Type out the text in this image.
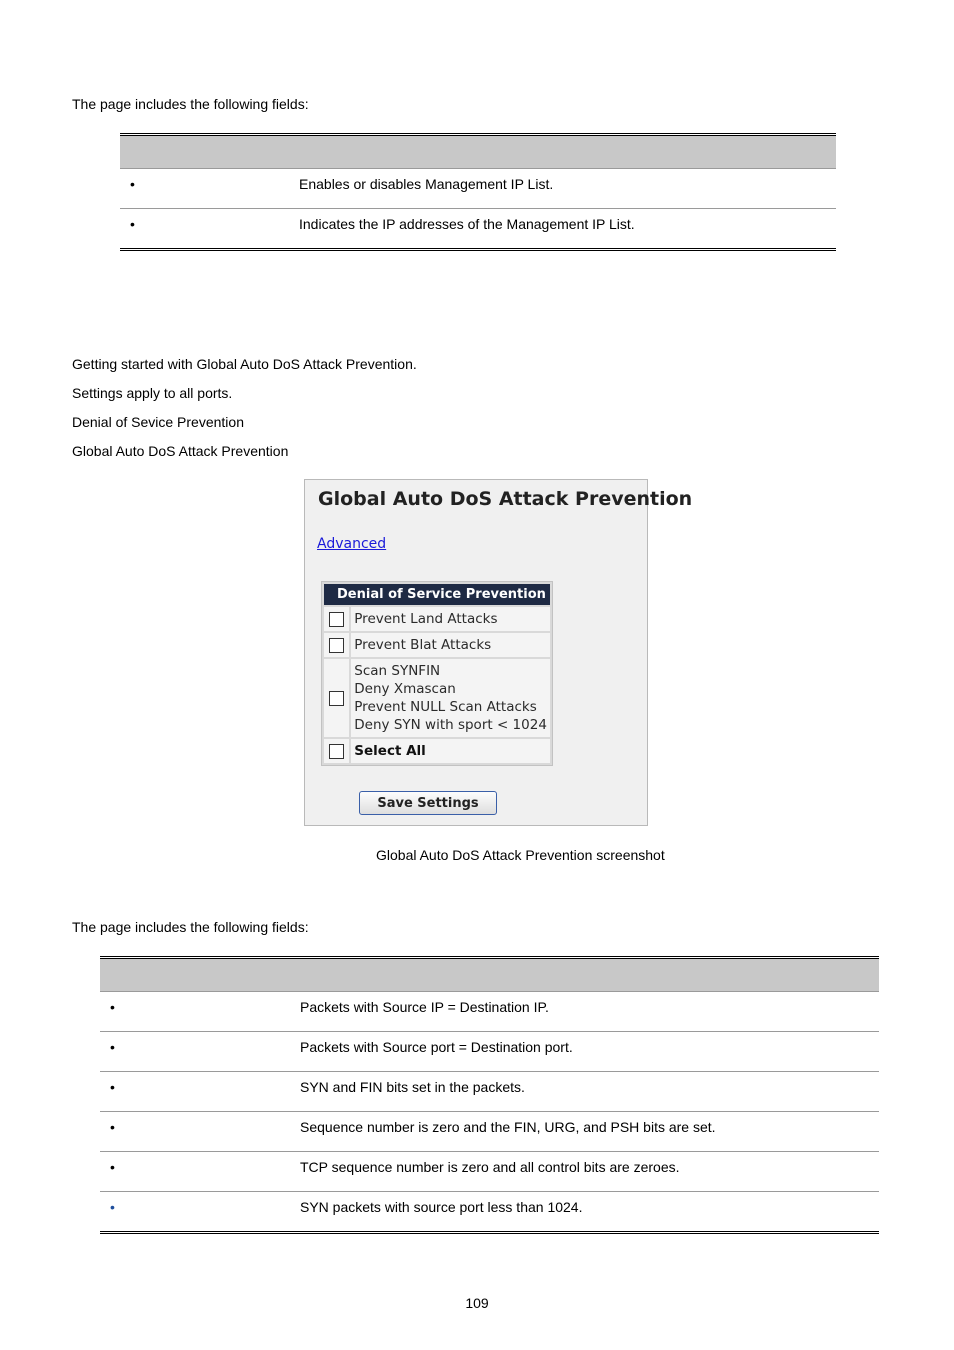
The page includes the following fields:

•	Enables or disables Management IP List.
•	Indicates the IP addresses of the Management IP List.

Getting started with Global Auto DoS Attack Prevention.

Settings apply to all ports.

Denial of Sevice Prevention

Global Auto DoS Attack Prevention

Global Auto DoS Attack Prevention
Advanced
Denial of Service Prevention	
	Prevent Land Attacks
	Prevent Blat Attacks

	Scan SYNFIN
Deny Xmascan
Prevent NULL Scan Attacks
Deny SYN with sport < 1024

	Select All
Save Settings
Global Auto DoS Attack Prevention screenshot

The page includes the following fields:

•	Packets with Source IP = Destination IP.
•	Packets with Source port = Destination port.
•	SYN and FIN bits set in the packets.
•	Sequence number is zero and the FIN, URG, and PSH bits are set.
•	TCP sequence number is zero and all control bits are zeroes.
•	SYN packets with source port less than 1024.
109
